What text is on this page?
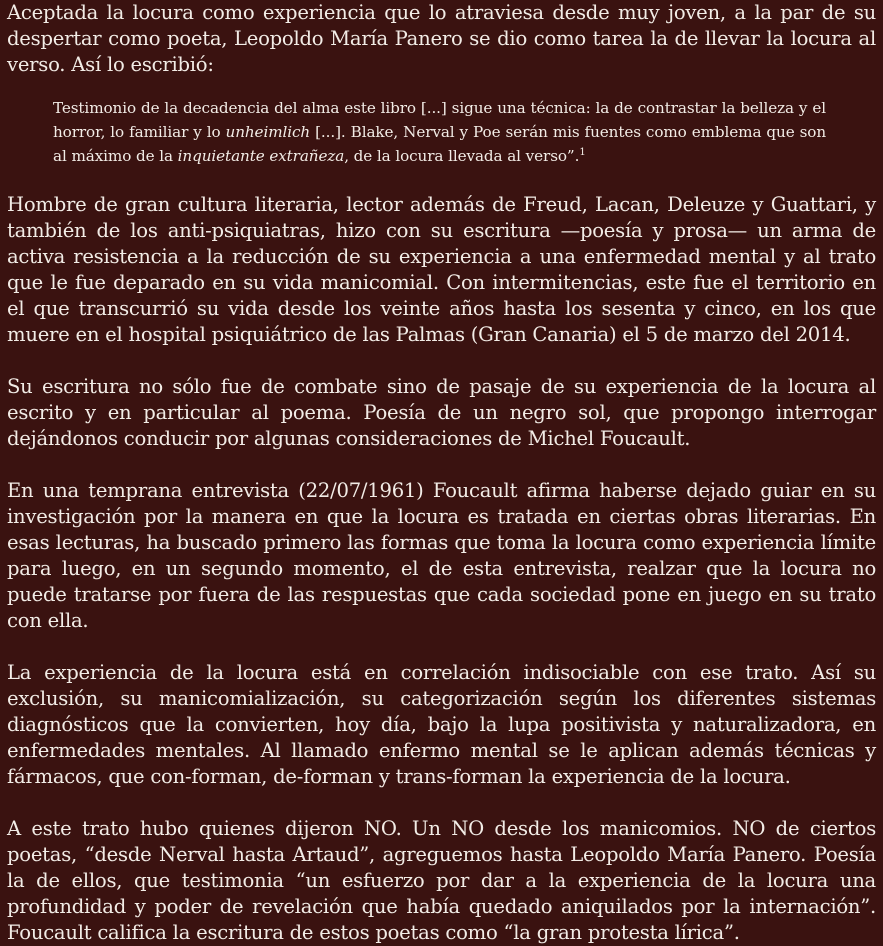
Aceptada la locura como experiencia que lo atraviesa desde muy joven, a la par de su despertar como poeta, Leopoldo María Panero se dio como tarea la de llevar la locura al verso. Así lo escribió:

Testimonio de la decadencia del alma este libro [...] sigue una técnica: la de contrastar la belleza y el horror, lo familiar y lo unheimlich [...]. Blake, Nerval y Poe serán mis fuentes como emblema que son al máximo de la inquietante extrañeza, de la locura llevada al verso”.$^1$

Hombre de gran cultura literaria, lector además de Freud, Lacan, Deleuze y Guattari, y también de los anti-psiquiatras, hizo con su escritura —poesía y prosa— un arma de activa resistencia a la reducción de su experiencia a una enfermedad mental y al trato que le fue deparado en su vida manicomial. Con intermitencias, este fue el territorio en el que transcurrió su vida desde los veinte años hasta los sesenta y cinco, en los que muere en el hospital psiquiátrico de las Palmas (Gran Canaria) el 5 de marzo del 2014.

Su escritura no sólo fue de combate sino de pasaje de su experiencia de la locura al escrito y en particular al poema. Poesía de un negro sol, que propongo interrogar dejándonos conducir por algunas consideraciones de Michel Foucault.

En una temprana entrevista (22/07/1961) Foucault afirma haberse dejado guiar en su investigación por la manera en que la locura es tratada en ciertas obras literarias. En esas lecturas, ha buscado primero las formas que toma la locura como experiencia límite para luego, en un segundo momento, el de esta entrevista, realzar que la locura no puede tratarse por fuera de las respuestas que cada sociedad pone en juego en su trato con ella.

La experiencia de la locura está en correlación indisociable con ese trato. Así su exclusión, su manicomialización, su categorización según los diferentes sistemas diagnósticos que la convierten, hoy día, bajo la lupa positivista y naturalizadora, en enfermedades mentales. Al llamado enfermo mental se le aplican además técnicas y fármacos, que con-forman, de-forman y trans-forman la experiencia de la locura.

A este trato hubo quienes dijeron NO. Un NO desde los manicomios. NO de ciertos poetas, “desde Nerval hasta Artaud”, agreguemos hasta Leopoldo María Panero. Poesía la de ellos, que testimonia “un esfuerzo por dar a la experiencia de la locura una profundidad y poder de revelación que había quedado aniquilados por la internación”. Foucault califica la escritura de estos poetas como “la gran protesta lírica”.
